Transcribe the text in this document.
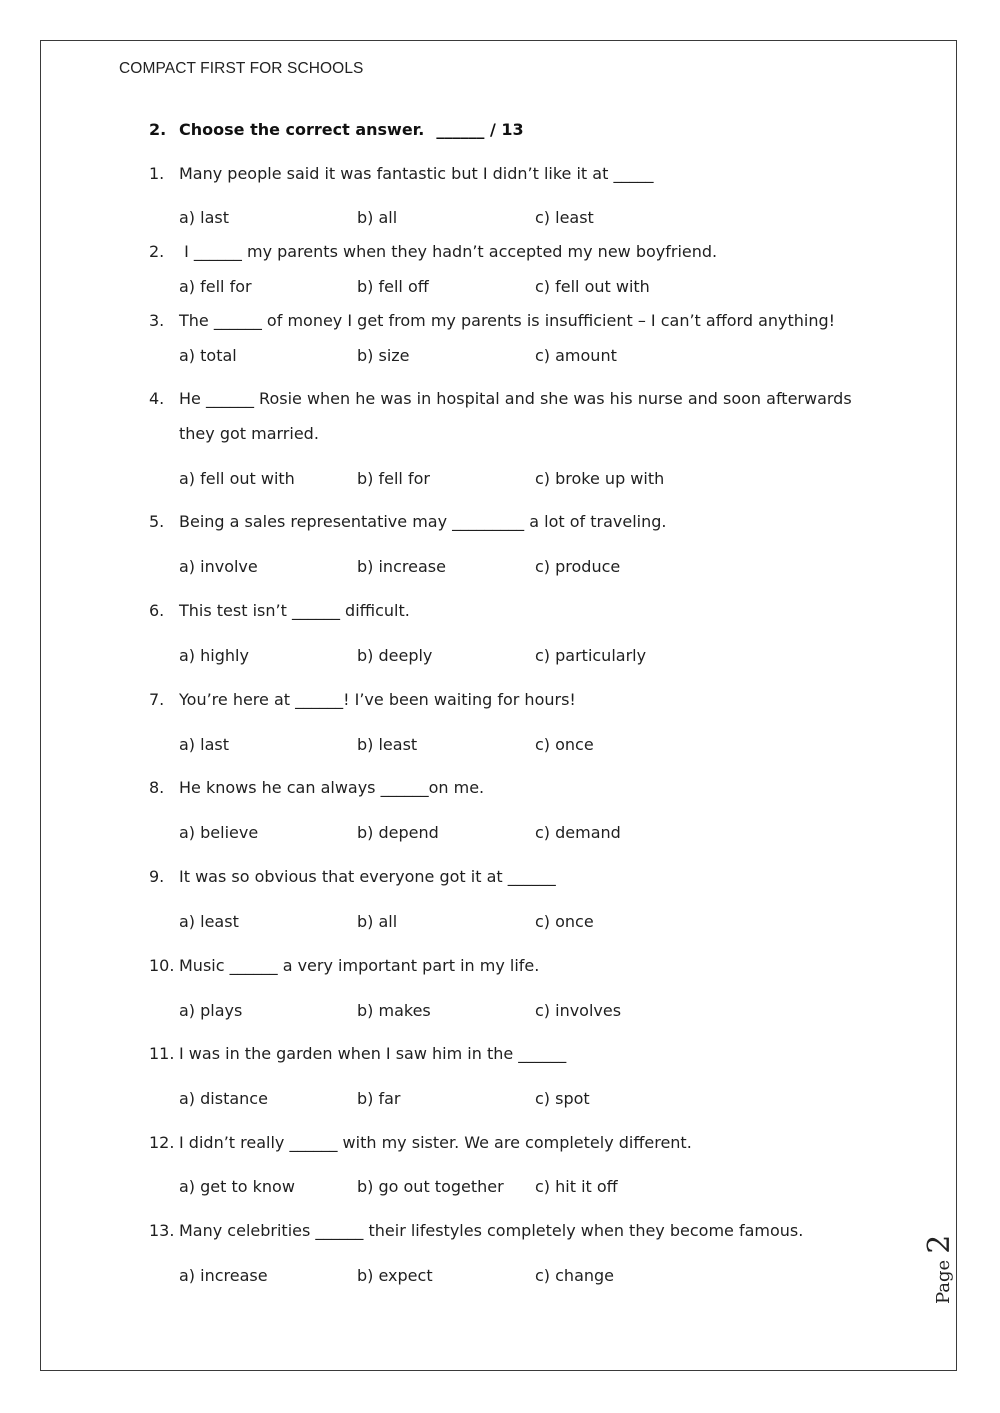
COMPACT FIRST FOR SCHOOLS
2. Choose the correct answer. ______ / 13
1. Many people said it was fantastic but I didn’t like it at _____
a) last	b) all	c) least
2. I ______ my parents when they hadn’t accepted my new boyfriend.
a) fell for	b) fell off	c) fell out with
3. The ______ of money I get from my parents is insufficient – I can’t afford anything!
a) total	b) size	c) amount
4. He ______ Rosie when he was in hospital and she was his nurse and soon afterwards
they got married.
a) fell out with	b) fell for	c) broke up with
5. Being a sales representative may _________ a lot of traveling.
a) involve	b) increase	c) produce
6. This test isn’t ______ difficult.
a) highly	b) deeply	c) particularly
7. You’re here at ______! I’ve been waiting for hours!
a) last	b) least	c) once
8. He knows he can always ______on me.
a) believe	b) depend	c) demand
9. It was so obvious that everyone got it at ______
a) least	b) all	c) once
10. Music ______ a very important part in my life.
a) plays	b) makes	c) involves
11. I was in the garden when I saw him in the ______
a) distance	b) far	c) spot
12. I didn’t really ______ with my sister. We are completely different.
a) get to know	b) go out together c) hit it off
13. Many celebrities ______ their lifestyles completely when they become famous.
a) increase	b) expect	c) change	Page2
